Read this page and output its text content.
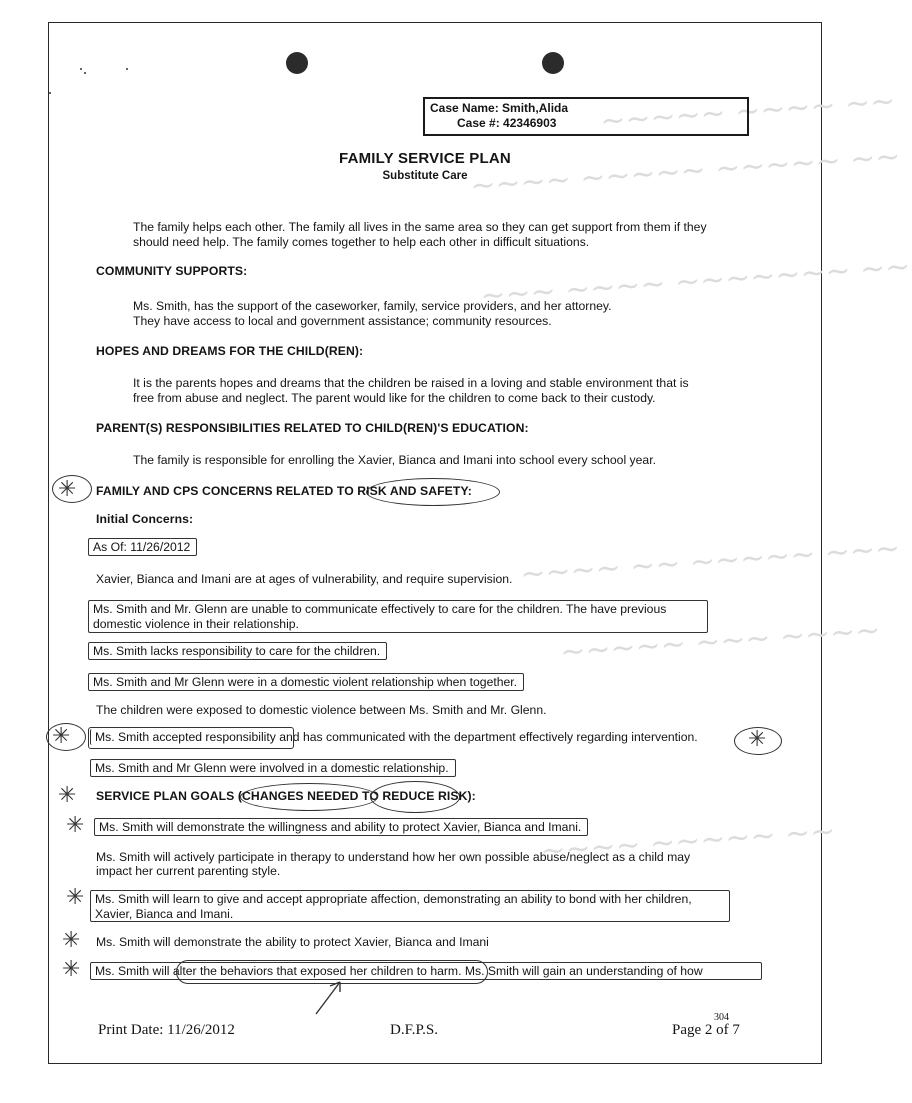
~~~~~ ~~~~ ~~
~~~~ ~~~~~ ~~~~~ ~~
~~~ ~~~~ ~~~~~~~ ~~
~~~~ ~~ ~~~~~ ~~~
~~~~~ ~~~ ~~~~
~~~~ ~~~~~ ~~
Case Name: Smith,Alida
Case #: 42346903
FAMILY SERVICE PLAN
Substitute Care
The family helps each other. The family all lives in the same area so they can get support from them if they
should need help. The family comes together to help each other in difficult situations.
COMMUNITY SUPPORTS:
Ms. Smith, has the support of the caseworker, family, service providers, and her attorney.
They have access to local and government assistance; community resources.
HOPES AND DREAMS FOR THE CHILD(REN):
It is the parents hopes and dreams that the children be raised in a loving and stable environment that is
free from abuse and neglect. The parent would like for the children to come back to their custody.
PARENT(S) RESPONSIBILITIES RELATED TO CHILD(REN)'S EDUCATION:
The family is responsible for enrolling the Xavier, Bianca and Imani into school every school year.
✳ FAMILY AND CPS CONCERNS RELATED TO RISK AND SAFETY:
Initial Concerns:
As Of: 11/26/2012
Xavier, Bianca and Imani are at ages of vulnerability, and require supervision.
Ms. Smith and Mr. Glenn are unable to communicate effectively to care for the children. The have previous
domestic violence in their relationship.
Ms. Smith lacks responsibility to care for the children.
Ms. Smith and Mr Glenn were in a domestic violent relationship when together.
The children were exposed to domestic violence between Ms. Smith and Mr. Glenn.
✳	Ms. Smith accepted responsibility and has communicated with the department effectively regarding intervention. ✳
Ms. Smith and Mr Glenn were involved in a domestic relationship.
✳ SERVICE PLAN GOALS (CHANGES NEEDED TO REDUCE RISK):
✳	Ms. Smith will demonstrate the willingness and ability to protect Xavier, Bianca and Imani.
Ms. Smith will actively participate in therapy to understand how her own possible abuse/neglect as a child may
impact her current parenting style.
✳ Ms. Smith will learn to give and accept appropriate affection, demonstrating an ability to bond with her children,
Xavier, Bianca and Imani.
✳ Ms. Smith will demonstrate the ability to protect Xavier, Bianca and Imani
✳	Ms. Smith will alter the behaviors that exposed her children to harm. Ms. Smith will gain an understanding of how
Print Date: 11/26/2012	D.F.P.S.	Page 2 of 7
304
